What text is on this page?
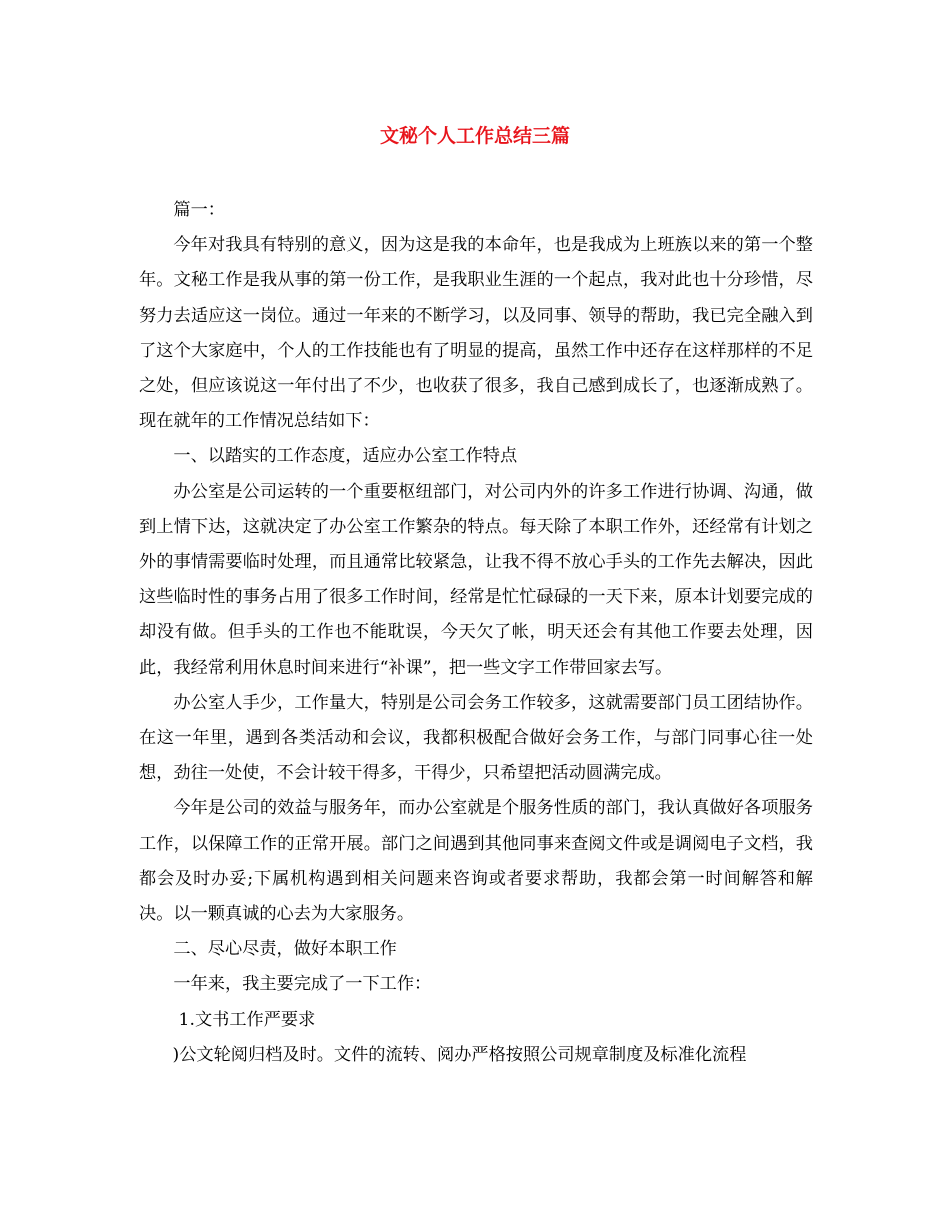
文秘个人工作总结三篇

篇一：

今年对我具有特别的意义，因为这是我的本命年，也是我成为上班族以来的第一个整年。文秘工作是我从事的第一份工作，是我职业生涯的一个起点，我对此也十分珍惜，尽努力去适应这一岗位。通过一年来的不断学习，以及同事、领导的帮助，我已完全融入到了这个大家庭中，个人的工作技能也有了明显的提高，虽然工作中还存在这样那样的不足之处，但应该说这一年付出了不少，也收获了很多，我自己感到成长了，也逐渐成熟了。现在就年的工作情况总结如下：

一、以踏实的工作态度，适应办公室工作特点

办公室是公司运转的一个重要枢纽部门，对公司内外的许多工作进行协调、沟通，做到上情下达，这就决定了办公室工作繁杂的特点。每天除了本职工作外，还经常有计划之外的事情需要临时处理，而且通常比较紧急，让我不得不放心手头的工作先去解决，因此这些临时性的事务占用了很多工作时间，经常是忙忙碌碌的一天下来，原本计划要完成的却没有做。但手头的工作也不能耽误，今天欠了帐，明天还会有其他工作要去处理，因此，我经常利用休息时间来进行“补课”，把一些文字工作带回家去写。

办公室人手少，工作量大，特别是公司会务工作较多，这就需要部门员工团结协作。在这一年里，遇到各类活动和会议，我都积极配合做好会务工作，与部门同事心往一处想，劲往一处使，不会计较干得多，干得少，只希望把活动圆满完成。

今年是公司的效益与服务年，而办公室就是个服务性质的部门，我认真做好各项服务工作，以保障工作的正常开展。部门之间遇到其他同事来查阅文件或是调阅电子文档，我都会及时办妥;下属机构遇到相关问题来咨询或者要求帮助，我都会第一时间解答和解决。以一颗真诚的心去为大家服务。

二、尽心尽责，做好本职工作

一年来，我主要完成了一下工作：

1.文书工作严要求

)公文轮阅归档及时。文件的流转、阅办严格按照公司规章制度及标准化流程
